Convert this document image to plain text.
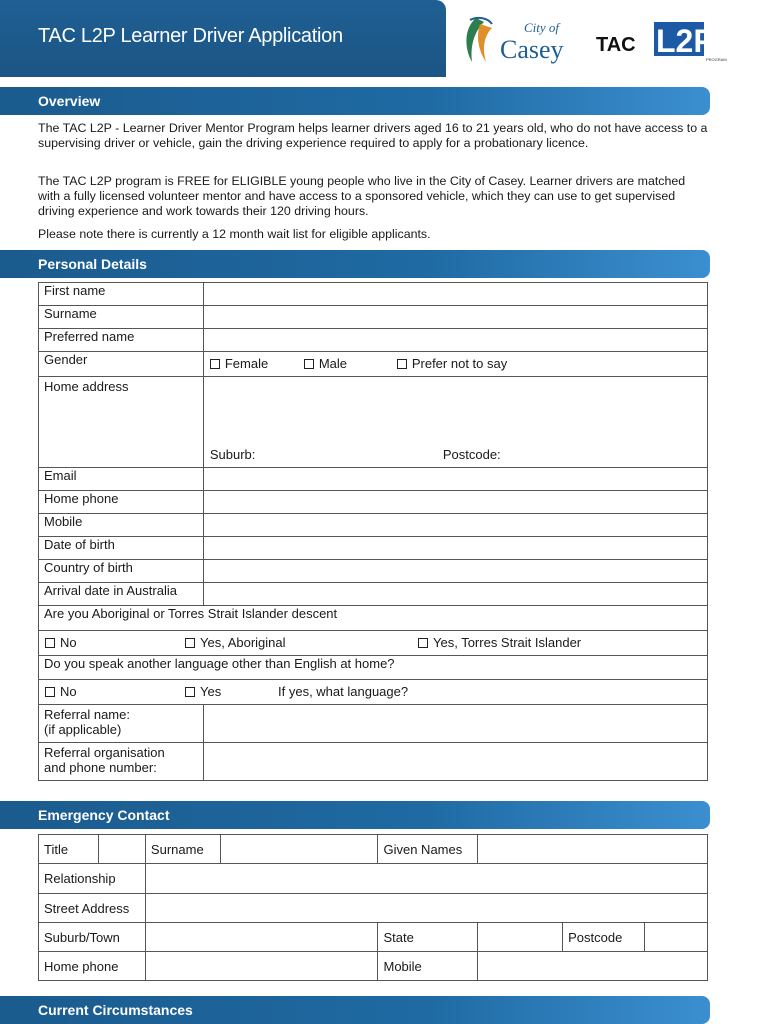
TAC L2P Learner Driver Application	City of
Casey TAC L2P
PROGRAM
Overview

The TAC L2P - Learner Driver Mentor Program helps learner drivers aged 16 to 21 years old, who do not have access to a supervising driver or vehicle, gain the driving experience required to apply for a probationary licence.

The TAC L2P program is FREE for ELIGIBLE young people who live in the City of Casey. Learner drivers are matched with a fully licensed volunteer mentor and have access to a sponsored vehicle, which they can use to get supervised driving experience and work towards their 120 driving hours.

Please note there is currently a 12 month wait list for eligible applicants.

Personal Details
First name	
Surname	
Preferred name	
Gender	Female Male Prefer not to say

Home address	Suburb: Postcode:

Email	
Home phone	
Mobile	
Date of birth	
Country of birth	
Arrival date in Australia	
Are you Aboriginal or Torres Strait Islander descent	

No Yes, Aboriginal Yes, Torres Strait Islander	

Do you speak another language other than English at home?	

No Yes If yes, what language?	

Referral name:
(if applicable)	

Referral organisation
and phone number:	

Emergency Contact
Title		Surname		Given Names			
Relationship							
Street Address							
Suburb/Town				State		Postcode	
Home phone				Mobile			
Current Circumstances
